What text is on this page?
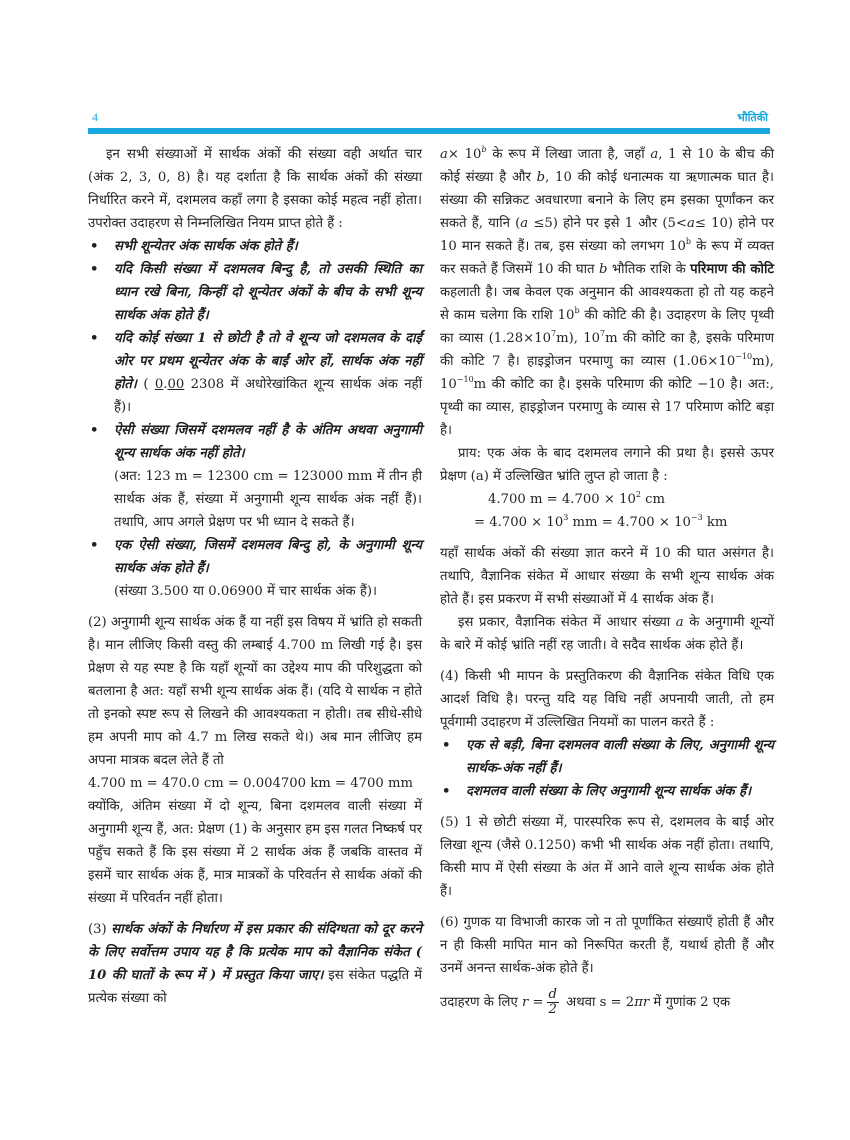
4	भौतिकी

इन सभी संख्याओं में सार्थक अंकों की संख्या वही अर्थात चार (अंक 2, 3, 0, 8) है। यह दर्शाता है कि सार्थक अंकों की संख्या निर्धारित करने में, दशमलव कहाँ लगा है इसका कोई महत्व नहीं होता। उपरोक्त उदाहरण से निम्नलिखित नियम प्राप्त होते हैं :

• सभी शून्येतर अंक सार्थक अंक होते हैं।
• यदि किसी संख्या में दशमलव बिन्दु है, तो उसकी स्थिति का ध्यान रखे बिना, किन्हीं दो शून्येतर अंकों के बीच के सभी शून्य सार्थक अंक होते हैं।
• यदि कोई संख्या 1 से छोटी है तो वे शून्य जो दशमलव के दाईं ओर पर प्रथम शून्येतर अंक के बाईं ओर हों, सार्थक अंक नहीं होते। ( 0.00 2308 में अधोरेखांकित शून्य सार्थक अंक नहीं हैं)।
• ऐसी संख्या जिसमें दशमलव नहीं है के अंतिम अथवा अनुगामी शून्य सार्थक अंक नहीं होते।
(अत: 123 m = 12300 cm = 123000 mm में तीन ही सार्थक अंक हैं, संख्या में अनुगामी शून्य सार्थक अंक नहीं हैं)। तथापि, आप अगले प्रेक्षण पर भी ध्यान दे सकते हैं।
• एक ऐसी संख्या, जिसमें दशमलव बिन्दु हो, के अनुगामी शून्य सार्थक अंक होते हैं।
(संख्या 3.500 या 0.06900 में चार सार्थक अंक हैं)।

(2) अनुगामी शून्य सार्थक अंक हैं या नहीं इस विषय में भ्रांति हो सकती है। मान लीजिए किसी वस्तु की लम्बाई 4.700 m लिखी गई है। इस प्रेक्षण से यह स्पष्ट है कि यहाँ शून्यों का उद्देश्य माप की परिशुद्धता को बतलाना है अत: यहाँ सभी शून्य सार्थक अंक हैं। (यदि ये सार्थक न होते तो इनको स्पष्ट रूप से लिखने की आवश्यकता न होती। तब सीधे-सीधे हम अपनी माप को 4.7 m लिख सकते थे।) अब मान लीजिए हम अपना मात्रक बदल लेते हैं तो

4.700 m = 470.0 cm = 0.004700 km = 4700 mm

क्योंकि, अंतिम संख्या में दो शून्य, बिना दशमलव वाली संख्या में अनुगामी शून्य हैं, अत: प्रेक्षण (1) के अनुसार हम इस गलत निष्कर्ष पर पहुँच सकते हैं कि इस संख्या में 2 सार्थक अंक हैं जबकि वास्तव में इसमें चार सार्थक अंक हैं, मात्र मात्रकों के परिवर्तन से सार्थक अंकों की संख्या में परिवर्तन नहीं होता।

(3) सार्थक अंकों के निर्धारण में इस प्रकार की संदिग्धता को दूर करने के लिए सर्वोत्तम उपाय यह है कि प्रत्येक माप को वैज्ञानिक संकेत ( 10 की घातों के रूप में ) में प्रस्तुत किया जाए। इस संकेत पद्धति में प्रत्येक संख्या को

$a\times 10^b$ के रूप में लिखा जाता है, जहाँ a, 1 से 10 के बीच की कोई संख्या है और b, 10 की कोई धनात्मक या ऋणात्मक घात है। संख्या की सन्निकट अवधारणा बनाने के लिए हम इसका पूर्णांकन कर सकते हैं, यानि (a ≤5) होने पर इसे 1 और (5<a≤ 10) होने पर 10 मान सकते हैं। तब, इस संख्या को लगभग 10$^b$ के रूप में व्यक्त कर सकते हैं जिसमें 10 की घात b भौतिक राशि के परिमाण की कोटि कहलाती है। जब केवल एक अनुमान की आवश्यकता हो तो यह कहने से काम चलेगा कि राशि 10$^b$ की कोटि की है। उदाहरण के लिए पृथ्वी का व्यास $(1.28\times 10^7m)$, $10^7m$ की कोटि का है, इसके परिमाण की कोटि 7 है। हाइड्रोजन परमाणु का व्यास $(1.06\times 10^{-10}m)$, $10^{-10}m$ की कोटि का है। इसके परिमाण की कोटि −10 है। अत:, पृथ्वी का व्यास, हाइड्रोजन परमाणु के व्यास से 17 परिमाण कोटि बड़ा है।

प्राय: एक अंक के बाद दशमलव लगाने की प्रथा है। इससे ऊपर प्रेक्षण (a) में उल्लिखित भ्रांति लुप्त हो जाता है :

4.700 $m = 4.700 \times 10^2$ cm

= $4.700 \times 10^3$ mm = $4.700 \times 10^{-3}$ km

यहाँ सार्थक अंकों की संख्या ज्ञात करने में 10 की घात असंगत है। तथापि, वैज्ञानिक संकेत में आधार संख्या के सभी शून्य सार्थक अंक होते हैं। इस प्रकरण में सभी संख्याओं में 4 सार्थक अंक हैं।

इस प्रकार, वैज्ञानिक संकेत में आधार संख्या a के अनुगामी शून्यों के बारे में कोई भ्रांति नहीं रह जाती। वे सदैव सार्थक अंक होते हैं।

(4) किसी भी मापन के प्रस्तुतिकरण की वैज्ञानिक संकेत विधि एक आदर्श विधि है। परन्तु यदि यह विधि नहीं अपनायी जाती, तो हम पूर्वगामी उदाहरण में उल्लिखित नियमों का पालन करते हैं :

• एक से बड़ी, बिना दशमलव वाली संख्या के लिए, अनुगामी शून्य सार्थक-अंक नहीं हैं।
• दशमलव वाली संख्या के लिए अनुगामी शून्य सार्थक अंक हैं।

(5) 1 से छोटी संख्या में, पारस्परिक रूप से, दशमलव के बाईं ओर लिखा शून्य (जैसे 0.1250) कभी भी सार्थक अंक नहीं होता। तथापि, किसी माप में ऐसी संख्या के अंत में आने वाले शून्य सार्थक अंक होते हैं।

(6) गुणक या विभाजी कारक जो न तो पूर्णांकित संख्याएँ होती हैं और न ही किसी मापित मान को निरूपित करती हैं, यथार्थ होती हैं और उनमें अनन्त सार्थक-अंक होते हैं।

उदाहरण के लिए $r = \frac{d}{2}$ अथवा s = 2πr में गुणांक 2 एक
